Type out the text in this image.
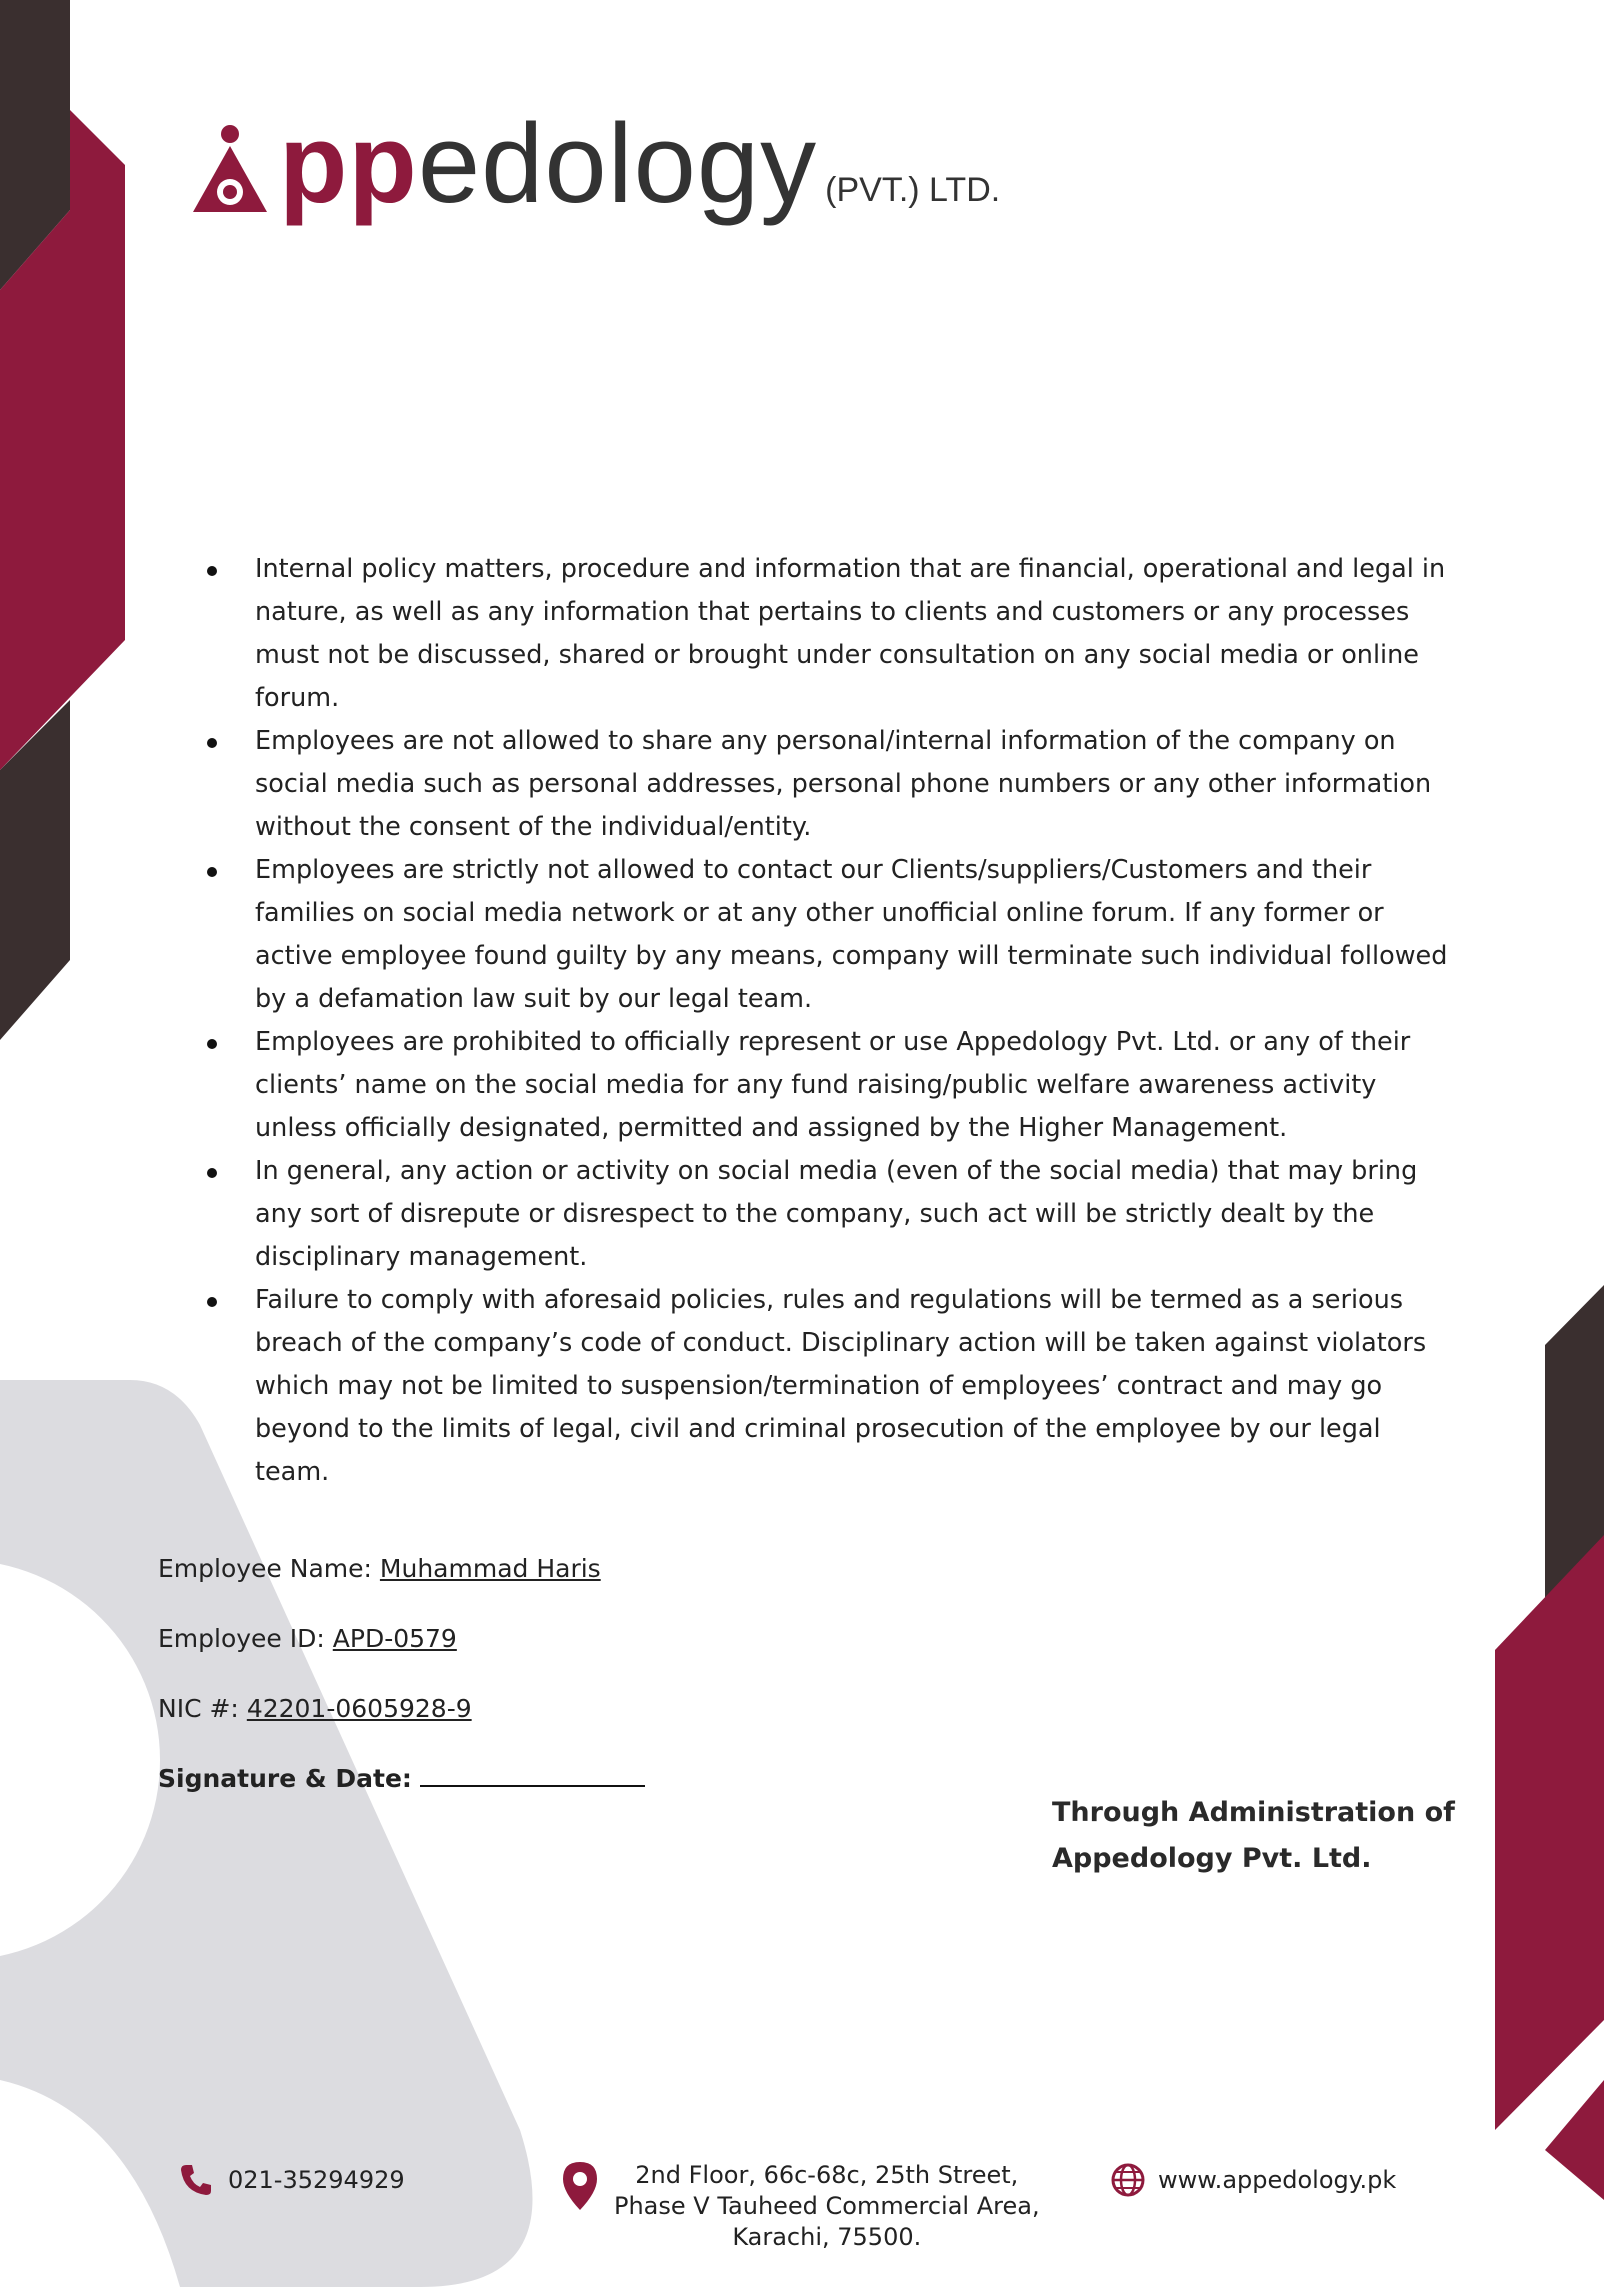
pp edology (PVT.) LTD.
Internal policy matters, procedure and information that are financial, operational and legal in nature, as well as any information that pertains to clients and customers or any processes must not be discussed, shared or brought under consultation on any social media or online forum.
Employees are not allowed to share any personal/internal information of the company on social media such as personal addresses, personal phone numbers or any other information without the consent of the individual/entity.
Employees are strictly not allowed to contact our Clients/suppliers/Customers and their families on social media network or at any other unofficial online forum. If any former or active employee found guilty by any means, company will terminate such individual followed by a defamation law suit by our legal team.
Employees are prohibited to officially represent or use Appedology Pvt. Ltd. or any of their clients’ name on the social media for any fund raising/public welfare awareness activity unless officially designated, permitted and assigned by the Higher Management.
In general, any action or activity on social media (even of the social media) that may bring any sort of disrepute or disrespect to the company, such act will be strictly dealt by the disciplinary management.
Failure to comply with aforesaid policies, rules and regulations will be termed as a serious breach of the company’s code of conduct. Disciplinary action will be taken against violators which may not be limited to suspension/termination of employees’ contract and may go beyond to the limits of legal, civil and criminal prosecution of the employee by our legal team.
Employee Name: Muhammad Haris
Employee ID: APD-0579
NIC #: 42201-0605928-9
Signature & Date:
Through Administration of
Appedology Pvt. Ltd.
021-35294929	2nd Floor, 66c-68c, 25th Street,
Phase V Tauheed Commercial Area,
Karachi, 75500.
www.appedology.pk
